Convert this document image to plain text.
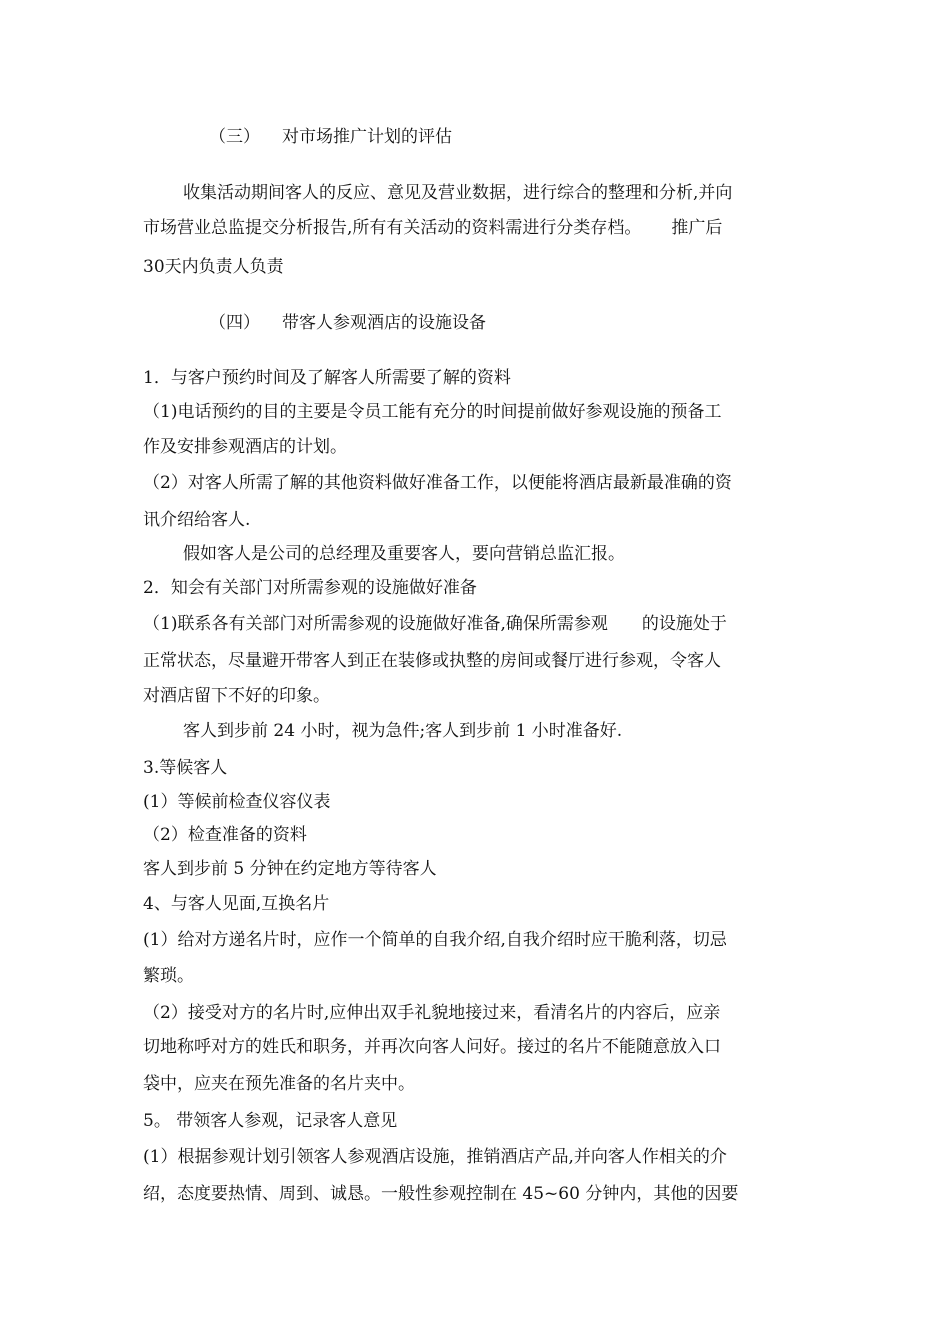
（三） 对市场推广计划的评估
收集活动期间客人的反应、意见及营业数据，进行综合的整理和分析,并向
市场营业总监提交分析报告,所有有关活动的资料需进行分类存档。 推广后
30天内负责人负责
（四） 带客人参观酒店的设施设备
1．与客户预约时间及了解客人所需要了解的资料
（1)电话预约的目的主要是令员工能有充分的时间提前做好参观设施的预备工
作及安排参观酒店的计划。
（2）对客人所需了解的其他资料做好准备工作，以便能将酒店最新最准确的资
讯介绍给客人.
假如客人是公司的总经理及重要客人，要向营销总监汇报。
2．知会有关部门对所需参观的设施做好准备
（1)联系各有关部门对所需参观的设施做好准备,确保所需参观 的设施处于
正常状态，尽量避开带客人到正在装修或执整的房间或餐厅进行参观，令客人
对酒店留下不好的印象。
客人到步前 24 小时，视为急件;客人到步前 1 小时准备好.
3.等候客人
(1）等候前检查仪容仪表
（2）检查准备的资料
客人到步前 5 分钟在约定地方等待客人
4、与客人见面,互换名片
(1）给对方递名片时，应作一个简单的自我介绍,自我介绍时应干脆利落，切忌
繁琐。
（2）接受对方的名片时,应伸出双手礼貌地接过来，看清名片的内容后，应亲
切地称呼对方的姓氏和职务，并再次向客人问好。接过的名片不能随意放入口
袋中，应夹在预先准备的名片夹中。
5。 带领客人参观，记录客人意见
(1）根据参观计划引领客人参观酒店设施，推销酒店产品,并向客人作相关的介
绍，态度要热情、周到、诚恳。一般性参观控制在 45~60 分钟内，其他的因要
